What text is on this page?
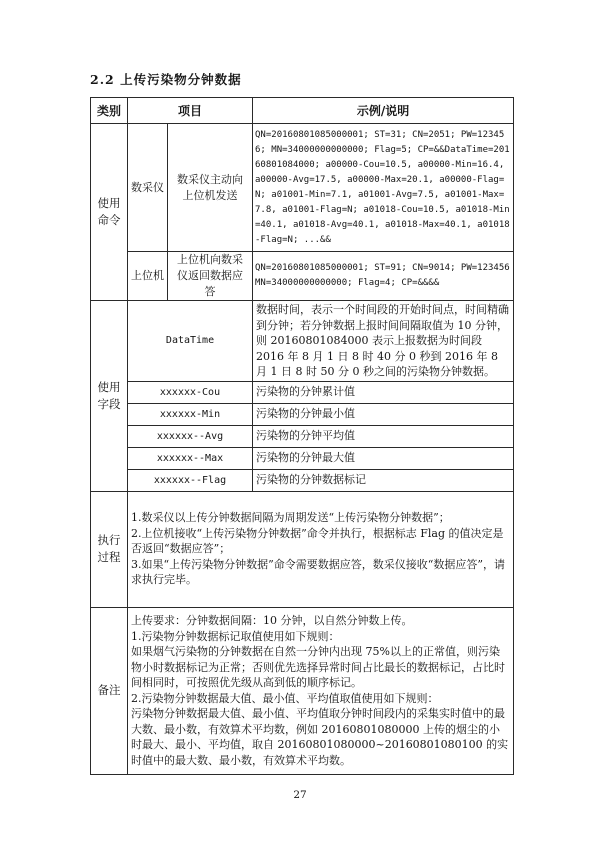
2.2 上传污染物分钟数据
类别	项目		示例/说明
使用命令	数采仪	数采仪主动向上位机发送	QN=20160801085000001; ST=31; CN=2051; PW=123456; MN=34000000000000; Flag=5; CP=&&DataTime=20160801084000; a00000-Cou=10.5, a00000-Min=16.4, a00000-Avg=17.5, a00000-Max=20.1, a00000-Flag=N; a01001-Min=7.1, a01001-Avg=7.5, a01001-Max=7.8, a01001-Flag=N; a01018-Cou=10.5, a01018-Min=40.1, a01018-Avg=40.1, a01018-Max=40.1, a01018-Flag=N; ...&&
	上位机	上位机向数采仪返回数据应答	QN=20160801085000001; ST=91; CN=9014; PW=123456MN=34000000000000; Flag=4; CP=&&&&
使用字段	DataTime		数据时间，表示一个时间段的开始时间点，时间精确到分钟；若分钟数据上报时间间隔取值为 10 分钟，则 20160801084000 表示上报数据为时间段 2016 年 8 月 1 日 8 时 40 分 0 秒到 2016 年 8 月 1 日 8 时 50 分 0 秒之间的污染物分钟数据。
	xxxxxx-Cou		污染物的分钟累计值
	xxxxxx-Min		污染物的分钟最小值
	xxxxxx--Avg		污染物的分钟平均值
	xxxxxx--Max		污染物的分钟最大值
	xxxxxx--Flag		污染物的分钟数据标记
执行过程	1.数采仪以上传分钟数据间隔为周期发送“上传污染物分钟数据”；
2.上位机接收“上传污染物分钟数据”命令并执行，根据标志 Flag 的值决定是否返回“数据应答”；
3.如果“上传污染物分钟数据”命令需要数据应答，数采仪接收“数据应答”，请求执行完毕。		

备注	上传要求：分钟数据间隔：10 分钟，以自然分钟数上传。
1.污染物分钟数据标记取值使用如下规则：
如果烟气污染物的分钟数据在自然一分钟内出现 75%以上的正常值，则污染物小时数据标记为正常；否则优先选择异常时间占比最长的数据标记，占比时间相同时，可按照优先级从高到低的顺序标记。
2.污染物分钟数据最大值、最小值、平均值取值使用如下规则：
污染物分钟数据最大值、最小值、平均值取分钟时间段内的采集实时值中的最大数、最小数，有效算术平均数，例如 20160801080000 上传的烟尘的小时最大、最小、平均值，取自 20160801080000~20160801080100 的实时值中的最大数、最小数，有效算术平均数。		
27
